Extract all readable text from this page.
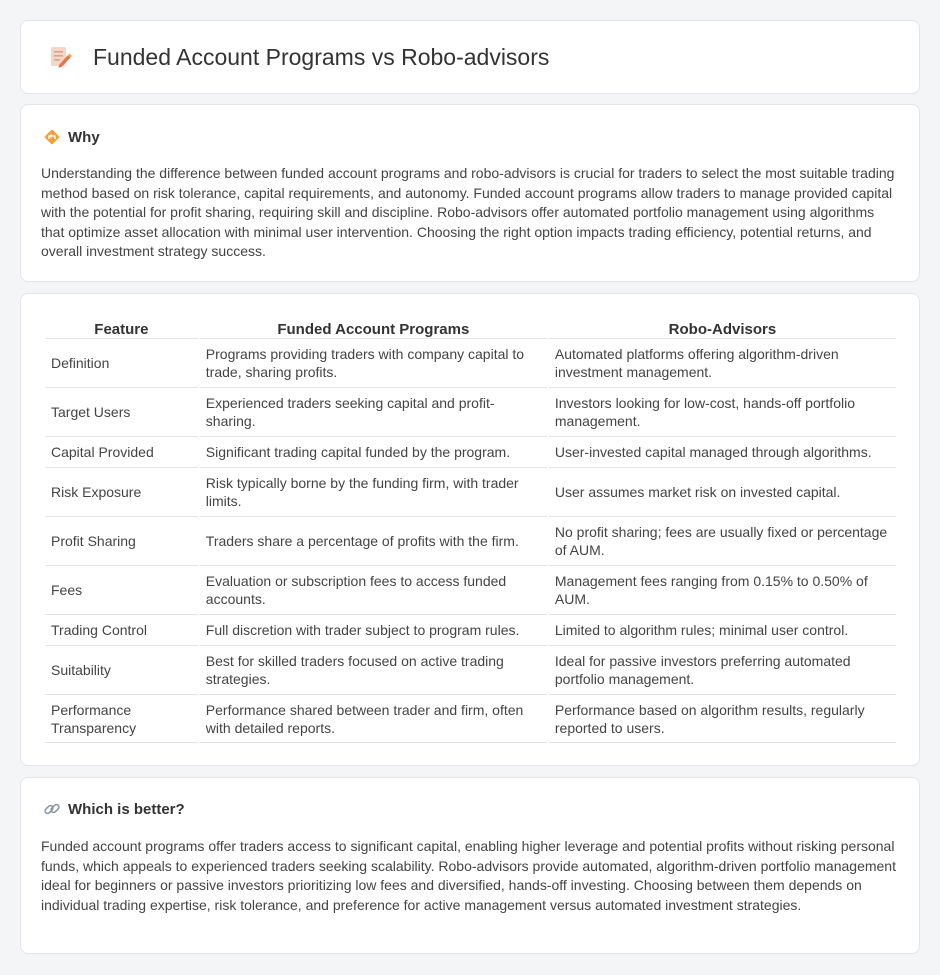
Funded Account Programs vs Robo-advisors
Why

Understanding the difference between funded account programs and robo-advisors is crucial for traders to select the most suitable trading method based on risk tolerance, capital requirements, and autonomy. Funded account programs allow traders to manage provided capital with the potential for profit sharing, requiring skill and discipline. Robo-advisors offer automated portfolio management using algorithms that optimize asset allocation with minimal user intervention. Choosing the right option impacts trading efficiency, potential returns, and overall investment strategy success.

Feature	Funded Account Programs	Robo-Advisors
Definition	Programs providing traders with company capital to trade, sharing profits.	Automated platforms offering algorithm-driven investment management.
Target Users	Experienced traders seeking capital and profit-sharing.	Investors looking for low-cost, hands-off portfolio management.
Capital Provided	Significant trading capital funded by the program.	User-invested capital managed through algorithms.
Risk Exposure	Risk typically borne by the funding firm, with trader limits.	User assumes market risk on invested capital.
Profit Sharing	Traders share a percentage of profits with the firm.	No profit sharing; fees are usually fixed or percentage of AUM.
Fees	Evaluation or subscription fees to access funded accounts.	Management fees ranging from 0.15% to 0.50% of AUM.
Trading Control	Full discretion with trader subject to program rules.	Limited to algorithm rules; minimal user control.
Suitability	Best for skilled traders focused on active trading strategies.	Ideal for passive investors preferring automated portfolio management.
Performance Transparency	Performance shared between trader and firm, often with detailed reports.	Performance based on algorithm results, regularly reported to users.
Which is better?

Funded account programs offer traders access to significant capital, enabling higher leverage and potential profits without risking personal funds, which appeals to experienced traders seeking scalability. Robo-advisors provide automated, algorithm-driven portfolio management ideal for beginners or passive investors prioritizing low fees and diversified, hands-off investing. Choosing between them depends on individual trading expertise, risk tolerance, and preference for active management versus automated investment strategies.
